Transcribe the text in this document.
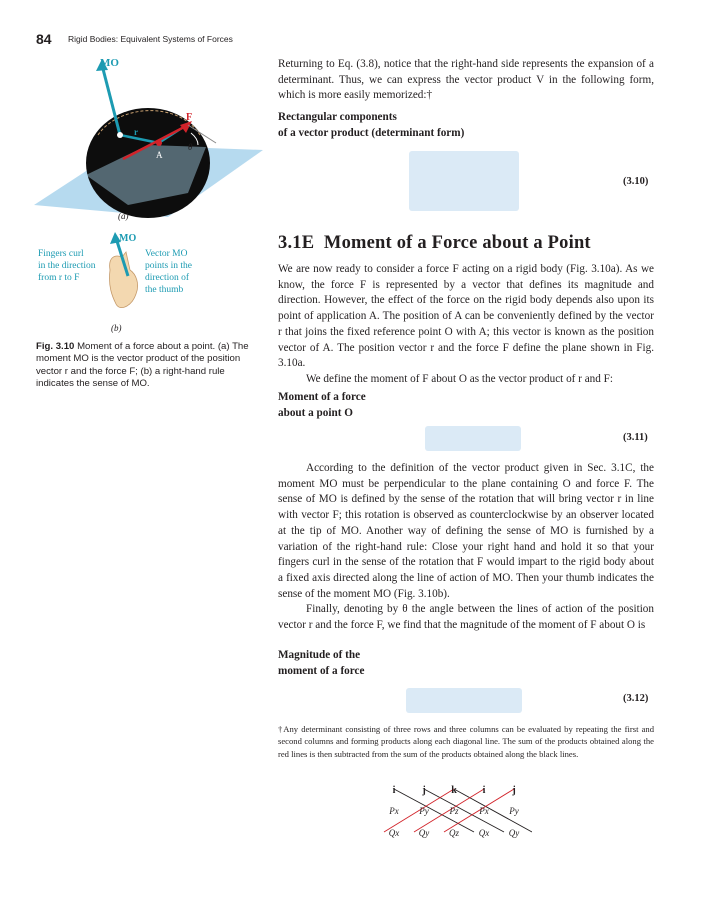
84 Rigid Bodies: Equivalent Systems of Forces
MO
F
r
A
θ
(a)
Fingers curl
in the direction
from r to F
MO
Vector MO
points in the
direction of
the thumb
(b)

Fig. 3.10 Moment of a force about a point. (a) The moment MO is the vector product of the position vector r and the force F; (b) a right-hand rule indicates the sense of MO.

Returning to Eq. (3.8), notice that the right-hand side represents the expansion of a determinant. Thus, we can express the vector product V in the following form, which is more easily memorized:†

Rectangular components

of a vector product (determinant form)

(3.10)
3.1E Moment of a Force about a Point

We are now ready to consider a force F acting on a rigid body (Fig. 3.10a). As we know, the force F is represented by a vector that defines its magnitude and direction. However, the effect of the force on the rigid body depends also upon its point of application A. The position of A can be conveniently defined by the vector r that joins the fixed reference point O with A; this vector is known as the position vector of A. The position vector r and the force F define the plane shown in Fig. 3.10a.

We define the moment of F about O as the vector product of r and F:

Moment of a force

about a point O

(3.11)

According to the definition of the vector product given in Sec. 3.1C, the moment MO must be perpendicular to the plane containing O and force F. The sense of MO is defined by the sense of the rotation that will bring vector r in line with vector F; this rotation is observed as counterclockwise by an observer located at the tip of MO. Another way of defining the sense of MO is furnished by a variation of the right-hand rule: Close your right hand and hold it so that your fingers curl in the sense of the rotation that F would impart to the rigid body about a fixed axis directed along the line of action of MO. Then your thumb indicates the sense of the moment MO (Fig. 3.10b).

Finally, denoting by θ the angle between the lines of action of the position vector r and the force F, we find that the magnitude of the moment of F about O is

Magnitude of the

moment of a force

(3.12)

†Any determinant consisting of three rows and three columns can be evaluated by repeating the first and second columns and forming products along each diagonal line. The sum of the products obtained along the red lines is then subtracted from the sum of the products obtained along the black lines.

i	j	k	i	j
Px Py Pz Px Py
Qx Qy Qz Qx Qy
